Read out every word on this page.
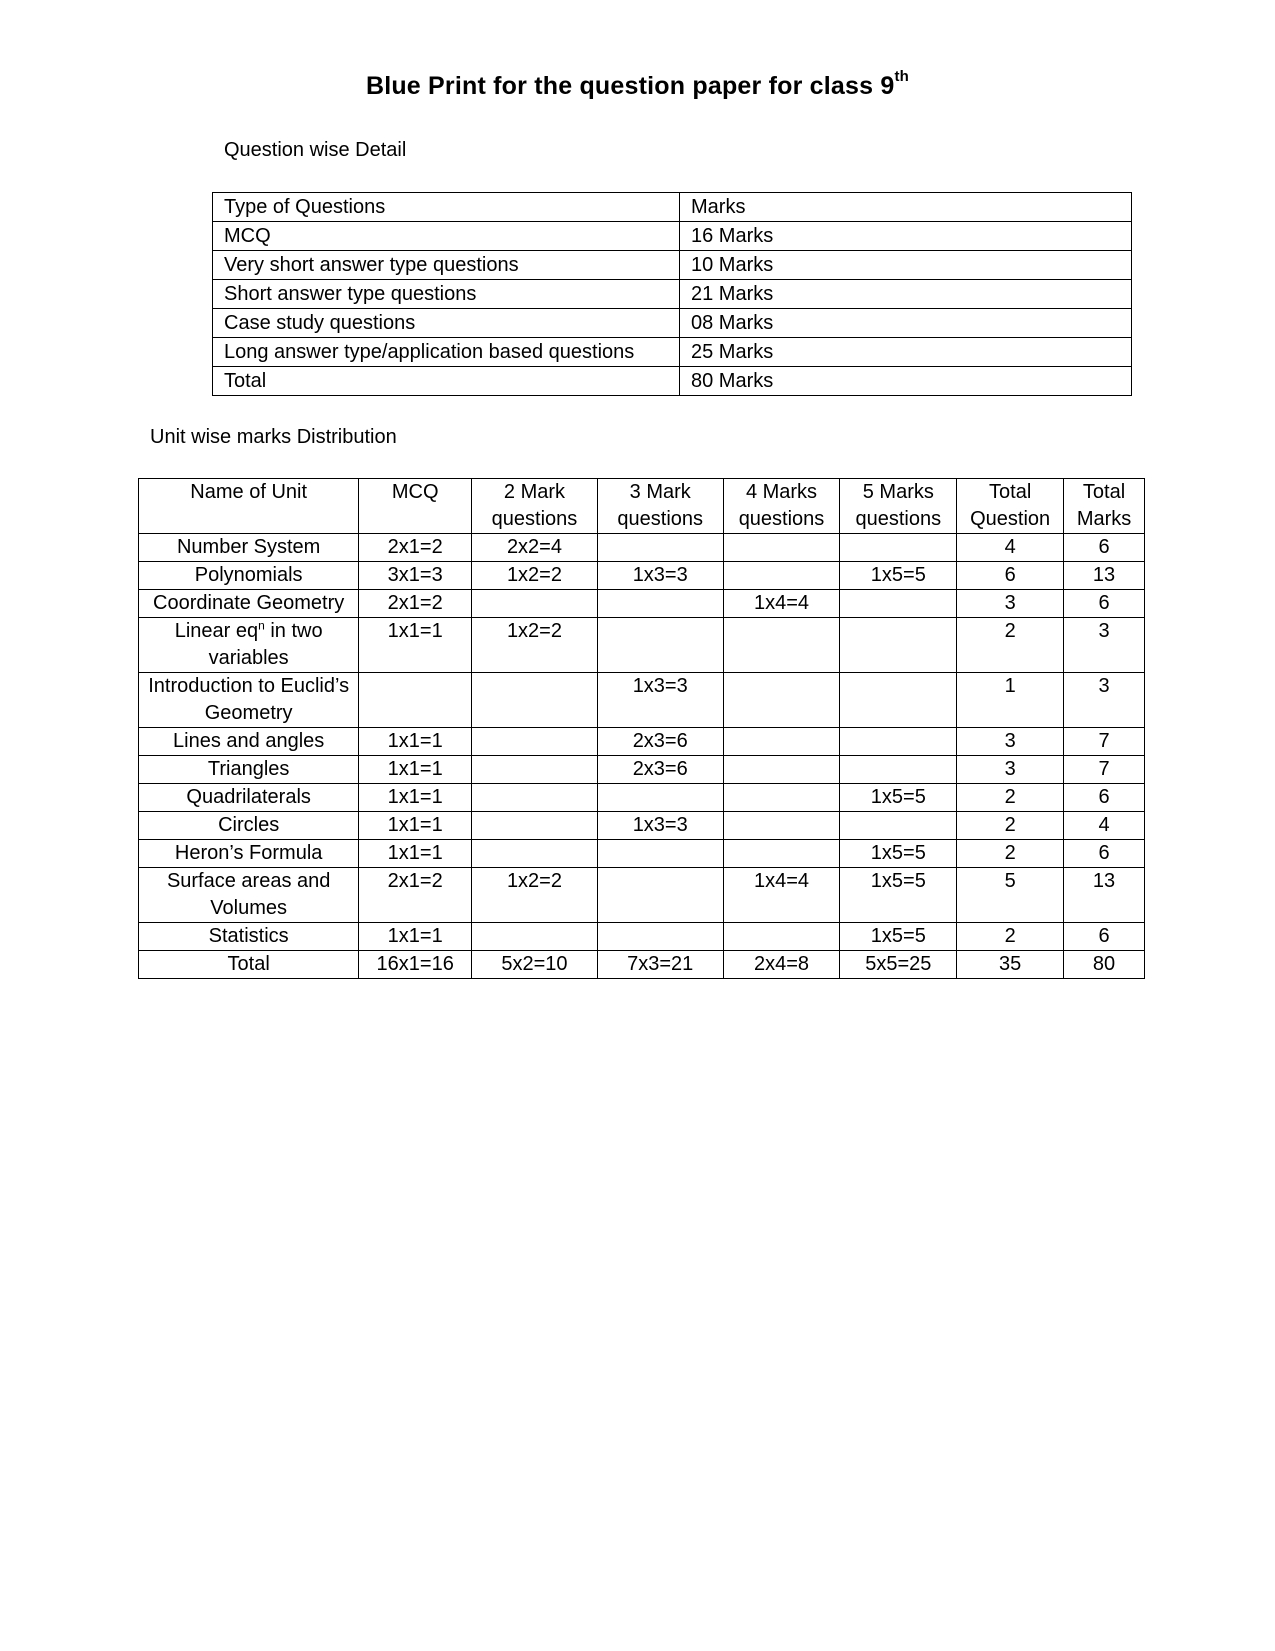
Blue Print for the question paper for class 9th
Question wise Detail
Type of Questions	Marks
MCQ	16 Marks
Very short answer type questions	10 Marks
Short answer type questions	21 Marks
Case study questions	08 Marks
Long answer type/application based questions	25 Marks
Total	80 Marks
Unit wise marks Distribution
Name of Unit	MCQ	2 Mark questions	3 Mark questions	4 Marks questions	5 Marks questions	Total Question	Total Marks
Number System	2x1=2	2x2=4				4	6
Polynomials	3x1=3	1x2=2	1x3=3		1x5=5	6	13
Coordinate Geometry	2x1=2			1x4=4		3	6
Linear $eq^n$ in two variables	1x1=1	1x2=2				2	3
Introduction to Euclid’s Geometry			1x3=3			1	3
Lines and angles	1x1=1		2x3=6			3	7
Triangles	1x1=1		2x3=6			3	7
Quadrilaterals	1x1=1				1x5=5	2	6
Circles	1x1=1		1x3=3			2	4
Heron’s Formula	1x1=1				1x5=5	2	6
Surface areas and Volumes	2x1=2	1x2=2		1x4=4	1x5=5	5	13
Statistics	1x1=1				1x5=5	2	6
Total	16x1=16	5x2=10	7x3=21	2x4=8	5x5=25	35	80
